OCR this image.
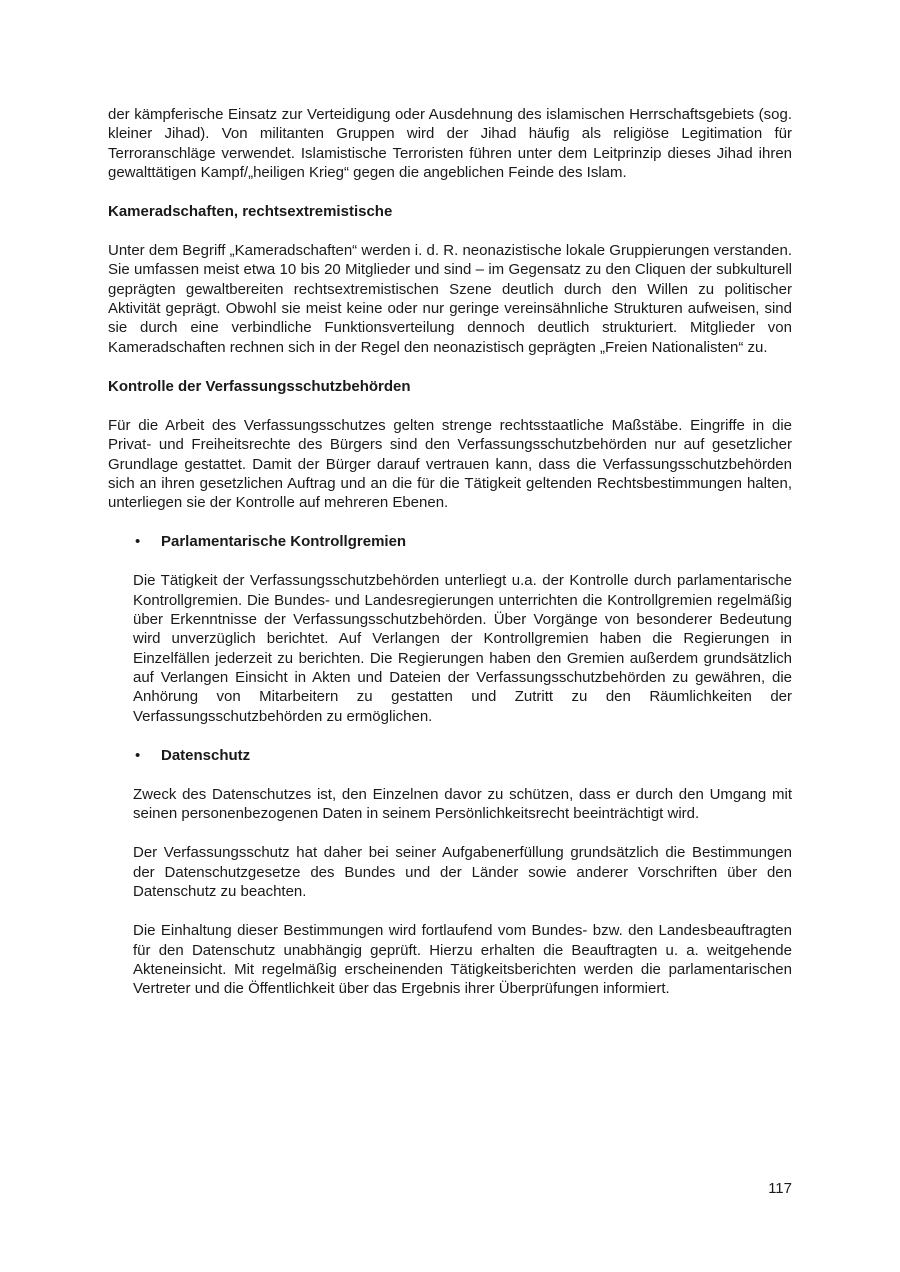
der kämpferische Einsatz zur Verteidigung oder Ausdehnung des islamischen Herrschaftsgebiets (sog. kleiner Jihad). Von militanten Gruppen wird der Jihad häufig als religiöse Legitimation für Terroranschläge verwendet. Islamistische Terroristen führen unter dem Leitprinzip dieses Jihad ihren gewalttätigen Kampf/„heiligen Krieg“ gegen die angeblichen Feinde des Islam.

Kameradschaften, rechtsextremistische

Unter dem Begriff „Kameradschaften“ werden i. d. R. neonazistische lokale Gruppierungen verstanden. Sie umfassen meist etwa 10 bis 20 Mitglieder und sind – im Gegensatz zu den Cliquen der subkulturell geprägten gewaltbereiten rechtsextremistischen Szene deutlich durch den Willen zu politischer Aktivität geprägt. Obwohl sie meist keine oder nur geringe vereinsähnliche Strukturen aufweisen, sind sie durch eine verbindliche Funktionsverteilung dennoch deutlich strukturiert. Mitglieder von Kameradschaften rechnen sich in der Regel den neonazistisch geprägten „Freien Nationalisten“ zu.

Kontrolle der Verfassungsschutzbehörden

Für die Arbeit des Verfassungsschutzes gelten strenge rechtsstaatliche Maßstäbe. Eingriffe in die Privat- und Freiheitsrechte des Bürgers sind den Verfassungsschutzbehörden nur auf gesetzlicher Grundlage gestattet. Damit der Bürger darauf vertrauen kann, dass die Verfassungsschutzbehörden sich an ihren gesetzlichen Auftrag und an die für die Tätigkeit geltenden Rechtsbestimmungen halten, unterliegen sie der Kontrolle auf mehreren Ebenen.

• Parlamentarische Kontrollgremien

Die Tätigkeit der Verfassungsschutzbehörden unterliegt u.a. der Kontrolle durch parlamentarische Kontrollgremien. Die Bundes- und Landesregierungen unterrichten die Kontrollgremien regelmäßig über Erkenntnisse der Verfassungsschutzbehörden. Über Vorgänge von besonderer Bedeutung wird unverzüglich berichtet. Auf Verlangen der Kontrollgremien haben die Regierungen in Einzelfällen jederzeit zu berichten. Die Regierungen haben den Gremien außerdem grundsätzlich auf Verlangen Einsicht in Akten und Dateien der Verfassungsschutzbehörden zu gewähren, die Anhörung von Mitarbeitern zu gestatten und Zutritt zu den Räumlichkeiten der Verfassungsschutzbehörden zu ermöglichen.

• Datenschutz

Zweck des Datenschutzes ist, den Einzelnen davor zu schützen, dass er durch den Umgang mit seinen personenbezogenen Daten in seinem Persönlichkeitsrecht beeinträchtigt wird.

Der Verfassungsschutz hat daher bei seiner Aufgabenerfüllung grundsätzlich die Bestimmungen der Datenschutzgesetze des Bundes und der Länder sowie anderer Vorschriften über den Datenschutz zu beachten.

Die Einhaltung dieser Bestimmungen wird fortlaufend vom Bundes- bzw. den Landesbeauftragten für den Datenschutz unabhängig geprüft. Hierzu erhalten die Beauftragten u. a. weitgehende Akteneinsicht. Mit regelmäßig erscheinenden Tätigkeitsberichten werden die parlamentarischen Vertreter und die Öffentlichkeit über das Ergebnis ihrer Überprüfungen informiert.

117
